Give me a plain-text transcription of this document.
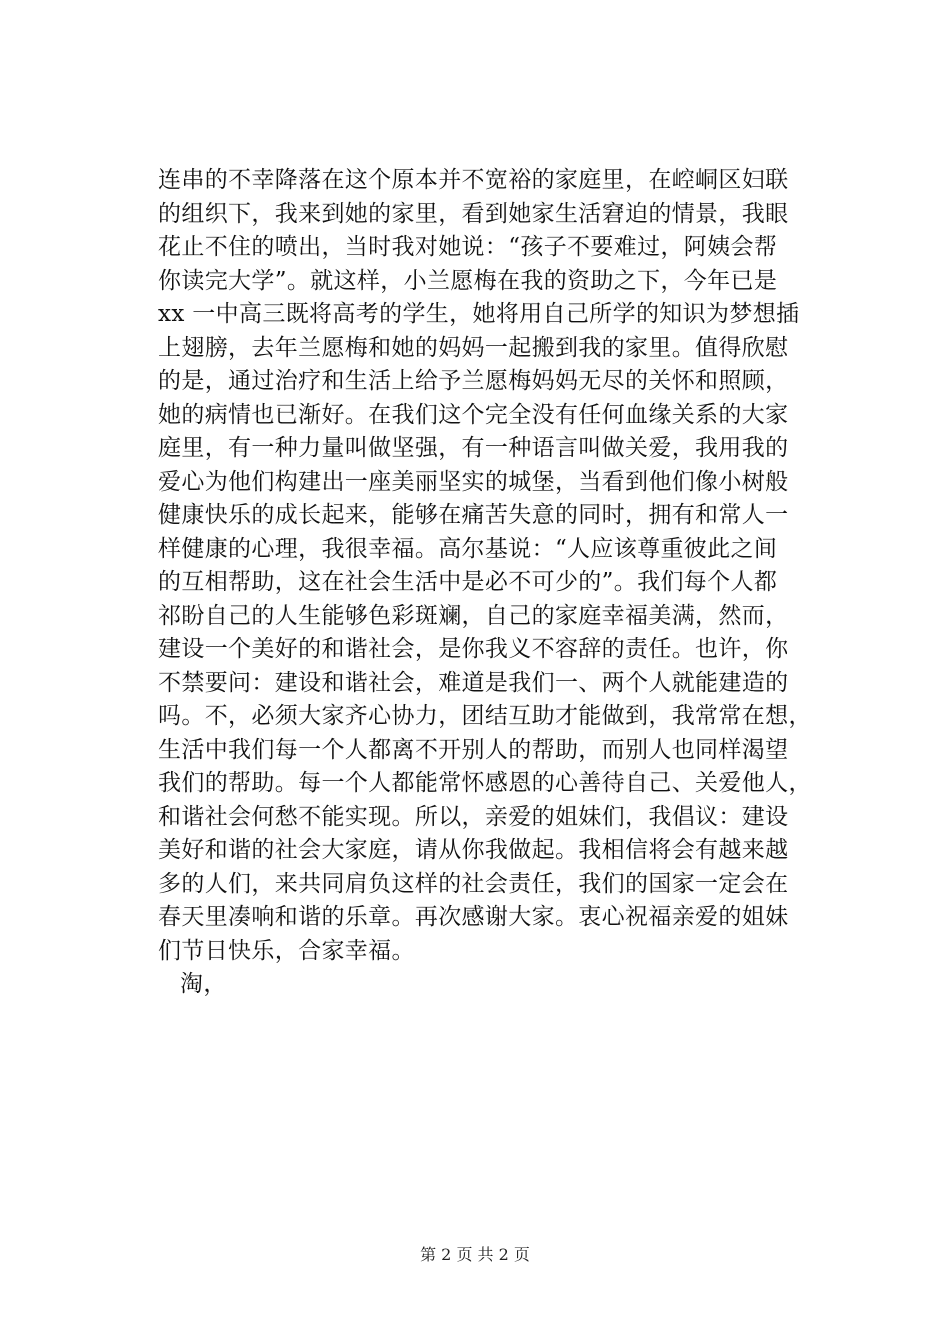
连串的不幸降落在这个原本并不宽裕的家庭里，在崆峒区妇联
的组织下，我来到她的家里，看到她家生活窘迫的情景，我眼
花止不住的喷出，当时我对她说：“孩子不要难过，阿姨会帮
你读完大学”。就这样，小兰愿梅在我的资助之下，今年已是
xx 一中高三既将高考的学生，她将用自己所学的知识为梦想插
上翅膀，去年兰愿梅和她的妈妈一起搬到我的家里。值得欣慰
的是，通过治疗和生活上给予兰愿梅妈妈无尽的关怀和照顾，
她的病情也已渐好。在我们这个完全没有任何血缘关系的大家
庭里，有一种力量叫做坚强，有一种语言叫做关爱，我用我的
爱心为他们构建出一座美丽坚实的城堡，当看到他们像小树般
健康快乐的成长起来，能够在痛苦失意的同时，拥有和常人一
样健康的心理，我很幸福。高尔基说：“人应该尊重彼此之间
的互相帮助，这在社会生活中是必不可少的”。我们每个人都
祁盼自己的人生能够色彩斑斓，自己的家庭幸福美满，然而，
建设一个美好的和谐社会，是你我义不容辞的责任。也许，你
不禁要问：建设和谐社会，难道是我们一、两个人就能建造的
吗。不，必须大家齐心协力，团结互助才能做到，我常常在想，
生活中我们每一个人都离不开别人的帮助，而别人也同样渴望
我们的帮助。每一个人都能常怀感恩的心善待自己、关爱他人，
和谐社会何愁不能实现。所以，亲爱的姐妹们，我倡议：建设
美好和谐的社会大家庭，请从你我做起。我相信将会有越来越
多的人们，来共同肩负这样的社会责任，我们的国家一定会在
春天里凑响和谐的乐章。再次感谢大家。衷心祝福亲爱的姐妹
们节日快乐，合家幸福。
淘，
第 2 页 共 2 页
